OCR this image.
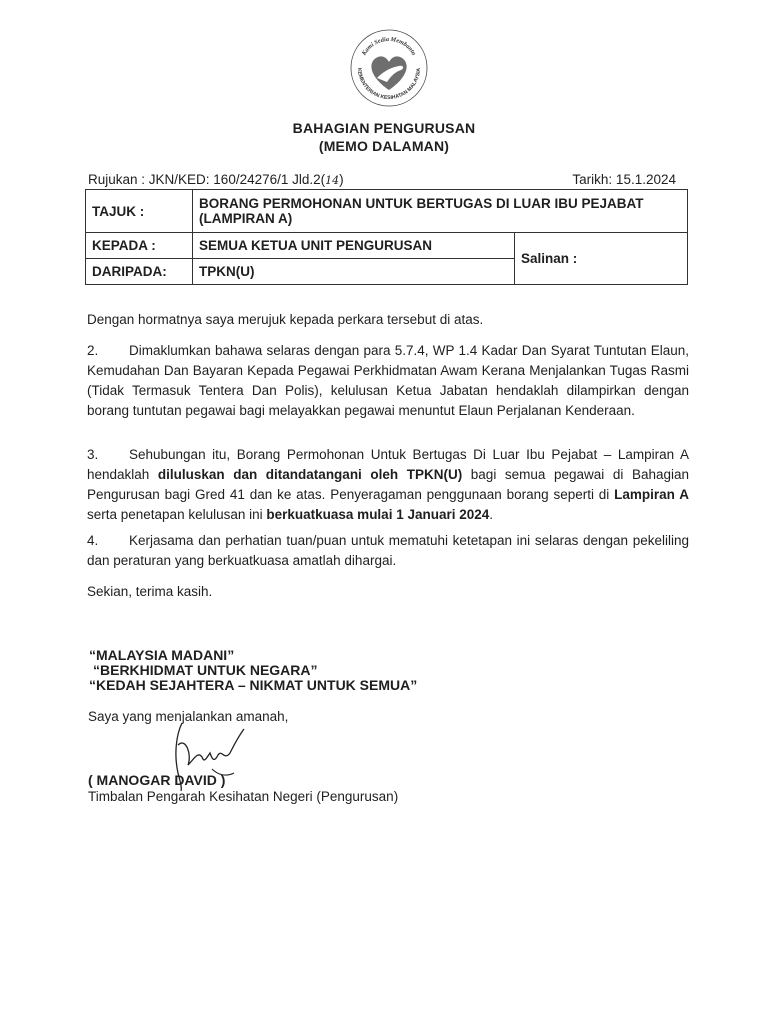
Kami Sedia Membantu
KEMENTERIAN KESIHATAN MALAYSIA
BAHAGIAN PENGURUSAN
(MEMO DALAMAN)
Rujukan : JKN/KED: 160/24276/1 Jld.2(14)	Tarikh: 15.1.2024
TAJUK :	BORANG PERMOHONAN UNTUK BERTUGAS DI LUAR IBU PEJABAT (LAMPIRAN A)	
KEPADA :	SEMUA KETUA UNIT PENGURUSAN	Salinan :
DARIPADA:	TPKN(U)	
Dengan hormatnya saya merujuk kepada perkara tersebut di atas.
2. Dimaklumkan bahawa selaras dengan para 5.7.4, WP 1.4 Kadar Dan Syarat Tuntutan Elaun, Kemudahan Dan Bayaran Kepada Pegawai Perkhidmatan Awam Kerana Menjalankan Tugas Rasmi (Tidak Termasuk Tentera Dan Polis), kelulusan Ketua Jabatan hendaklah dilampirkan dengan borang tuntutan pegawai bagi melayakkan pegawai menuntut Elaun Perjalanan Kenderaan.
3. Sehubungan itu, Borang Permohonan Untuk Bertugas Di Luar Ibu Pejabat – Lampiran A hendaklah diluluskan dan ditandatangani oleh TPKN(U) bagi semua pegawai di Bahagian Pengurusan bagi Gred 41 dan ke atas. Penyeragaman penggunaan borang seperti di Lampiran A serta penetapan kelulusan ini berkuatkuasa mulai 1 Januari 2024.
4. Kerjasama dan perhatian tuan/puan untuk mematuhi ketetapan ini selaras dengan pekeliling dan peraturan yang berkuatkuasa amatlah dihargai.
Sekian, terima kasih.
“MALAYSIA MADANI”
“BERKHIDMAT UNTUK NEGARA”
“KEDAH SEJAHTERA – NIKMAT UNTUK SEMUA”
Saya yang menjalankan amanah,
( MANOGAR DAVID )
Timbalan Pengarah Kesihatan Negeri (Pengurusan)
